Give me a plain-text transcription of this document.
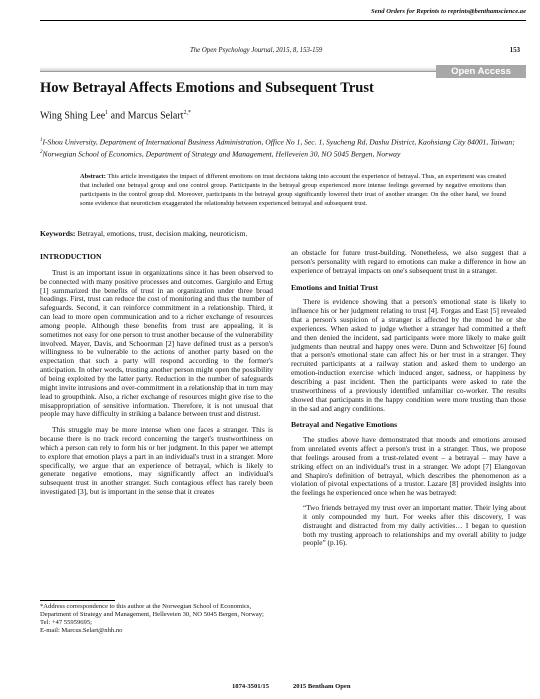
Send Orders for Reprints to reprints@benthamscience.ae
The Open Psychology Journal, 2015, 8, 153-159	153
Open Access
How Betrayal Affects Emotions and Subsequent Trust
Wing Shing Lee$^1$ and Marcus Selart$^{2,*}$
$^1$I-Shou University, Department of International Business Administration, Office No 1, Sec. 1, Syucheng Rd, Dashu District, Kaohsiang City 84001, Taiwan; $^2$Norwegian School of Economics, Department of Strategy and Management, Helleveien 30, NO 5045 Bergen, Norway
Abstract: This article investigates the impact of different emotions on trust decisions taking into account the experience of betrayal. Thus, an experiment was created that included one betrayal group and one control group. Participants in the betrayal group experienced more intense feelings governed by negative emotions than participants in the control group did. Moreover, participants in the betrayal group significantly lowered their trust of another stranger. On the other hand, we found some evidence that neuroticism exaggerated the relationship between experienced betrayal and subsequent trust.
Keywords: Betrayal, emotions, trust, decision making, neuroticism.
INTRODUCTION

Trust is an important issue in organizations since it has been observed to be connected with many positive processes and outcomes. Gargiulo and Ertug [1] summarized the benefits of trust in an organization under three broad headings. First, trust can reduce the cost of monitoring and thus the number of safeguards. Second, it can reinforce commitment in a relationship. Third, it can lead to more open communication and to a richer exchange of resources among people. Although these benefits from trust are appealing, it is sometimes not easy for one person to trust another because of the vulnerability involved. Mayer, Davis, and Schoorman [2] have defined trust as a person's willingness to be vulnerable to the actions of another party based on the expectation that such a party will respond according to the former's anticipation. In other words, trusting another person might open the possibility of being exploited by the latter party. Reduction in the number of safeguards might invite intrusions and over-commitment in a relationship that in turn may lead to groupthink. Also, a richer exchange of resources might give rise to the misappropriation of sensitive information. Therefore, it is not unusual that people may have difficulty in striking a balance between trust and distrust.

This struggle may be more intense when one faces a stranger. This is because there is no track record concerning the target's trustworthiness on which a person can rely to form his or her judgment. In this paper we attempt to explore that emotion plays a part in an individual's trust in a stranger. More specifically, we argue that an experience of betrayal, which is likely to generate negative emotions, may significantly affect an individual's subsequent trust in another stranger. Such contagious effect has rarely been investigated [3], but is important in the sense that it creates

*Address correspondence to this author at the Norwegian School of Economics, Department of Strategy and Management, Helleveien 30, NO 5045 Bergen, Norway; Tel: +47 55959695;
E-mail: Marcus.Selart@nhh.no

an obstacle for future trust-building. Nonetheless, we also suggest that a person's personality with regard to emotions can make a difference in how an experience of betrayal impacts on one's subsequent trust in a stranger.

Emotions and Initial Trust

There is evidence showing that a person's emotional state is likely to influence his or her judgment relating to trust [4]. Forgas and East [5] revealed that a person's suspicion of a stranger is affected by the mood he or she experiences. When asked to judge whether a stranger had committed a theft and then denied the incident, sad participants were more likely to make guilt judgments than neutral and happy ones were. Dunn and Schweitzer [6] found that a person's emotional state can affect his or her trust in a stranger. They recruited participants at a railway station and asked them to undergo an emotion-induction exercise which induced anger, sadness, or happiness by describing a past incident. Then the participants were asked to rate the trustworthiness of a previously identified unfamiliar co-worker. The results showed that participants in the happy condition were more trusting than those in the sad and angry conditions.

Betrayal and Negative Emotions

The studies above have demonstrated that moods and emotions aroused from unrelated events affect a person's trust in a stranger. Thus, we propose that feelings aroused from a trust-related event – a betrayal – may have a striking effect on an individual's trust in a stranger. We adopt [7] Elangovan and Shapiro's definition of betrayal, which describes the phenomenon as a violation of pivotal expectations of a trustor. Lazare [8] provided insights into the feelings he experienced once when he was betrayed:

“Two friends betrayed my trust over an important matter. Their lying about it only compounded my hurt. For weeks after this discovery, I was distraught and distracted from my daily activities… I began to question both my trusting approach to relationships and my overall ability to judge people” (p.16).
1874-3501/15	2015 Bentham Open
